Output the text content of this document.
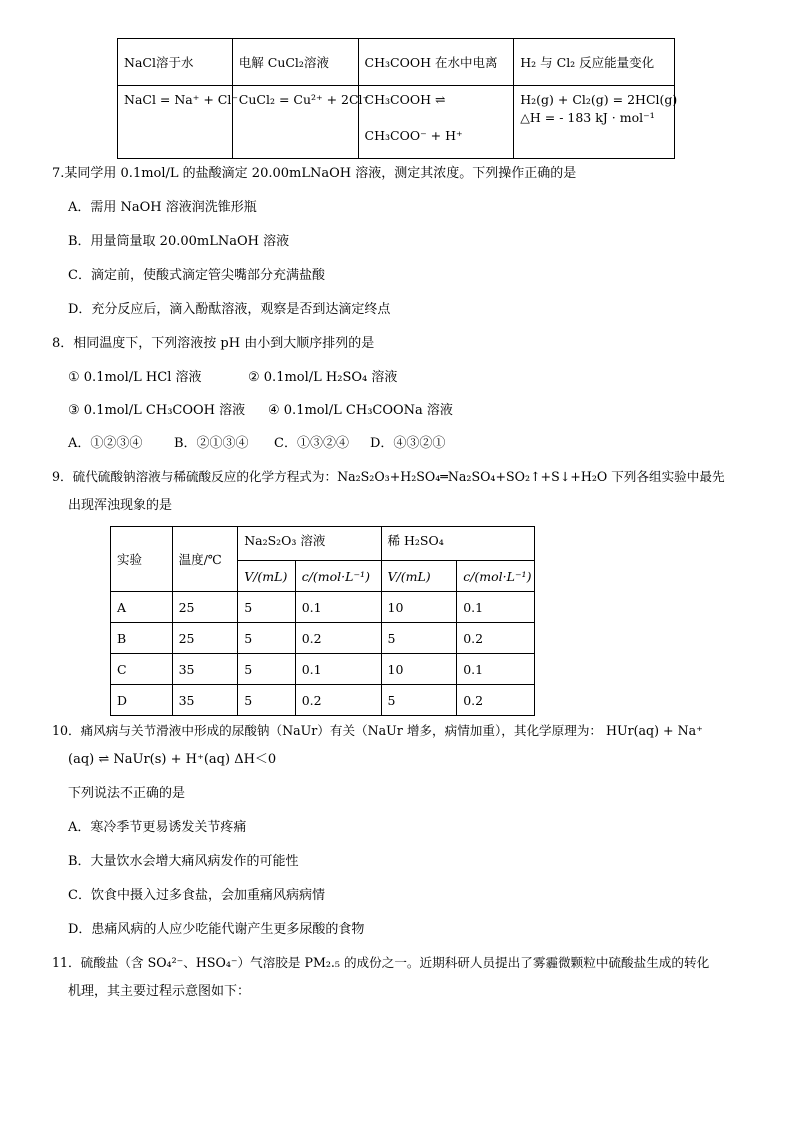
NaCl溶于水	电解 CuCl₂溶液	CH₃COOH 在水中电离	H₂ 与 Cl₂ 反应能量变化

NaCl = Na⁺ + Cl⁻	CuCl₂ = Cu²⁺ + 2Cl⁻	CH₃COOH ⇌
CH₃COO⁻ + H⁺	H₂(g) + Cl₂(g) = 2HCl(g)
△H = - 183 kJ · mol⁻¹
7.某同学用 0.1mol/L 的盐酸滴定 20.00mLNaOH 溶液，测定其浓度。下列操作正确的是
A．需用 NaOH 溶液润洗锥形瓶
B．用量筒量取 20.00mLNaOH 溶液
C．滴定前，使酸式滴定管尖嘴部分充满盐酸
D．充分反应后，滴入酚酞溶液，观察是否到达滴定终点
8．相同温度下，下列溶液按 pH 由小到大顺序排列的是
① 0.1mol/L HCl 溶液	② 0.1mol/L H₂SO₄ 溶液
③ 0.1mol/L CH₃COOH 溶液 ④ 0.1mol/L CH₃COONa 溶液
A．①②③④ B．②①③④ C．①③②④ D．④③②①
9．硫代硫酸钠溶液与稀硫酸反应的化学方程式为：Na₂S₂O₃+H₂SO₄═Na₂SO₄+SO₂↑+S↓+H₂O 下列各组实验中最先
出现浑浊现象的是
实验	温度/℃	Na₂S₂O₃ 溶液		稀 H₂SO₄	
		V/(mL)	c/(mol·L⁻¹)	V/(mL)	c/(mol·L⁻¹)
A	25	5	0.1	10	0.1
B	25	5	0.2	5	0.2
C	35	5	0.1	10	0.1
D	35	5	0.2	5	0.2
10．痛风病与关节滑液中形成的尿酸钠（NaUr）有关（NaUr 增多，病情加重），其化学原理为： HUr(aq) + Na⁺
(aq) ⇌ NaUr(s) + H⁺(aq) ΔH＜0
下列说法不正确的是
A．寒冷季节更易诱发关节疼痛
B．大量饮水会增大痛风病发作的可能性
C．饮食中摄入过多食盐，会加重痛风病病情
D．患痛风病的人应少吃能代谢产生更多尿酸的食物
11．硫酸盐（含 SO₄²⁻、HSO₄⁻）气溶胶是 PM₂.₅ 的成份之一。近期科研人员提出了雾霾微颗粒中硫酸盐生成的转化
机理，其主要过程示意图如下：
